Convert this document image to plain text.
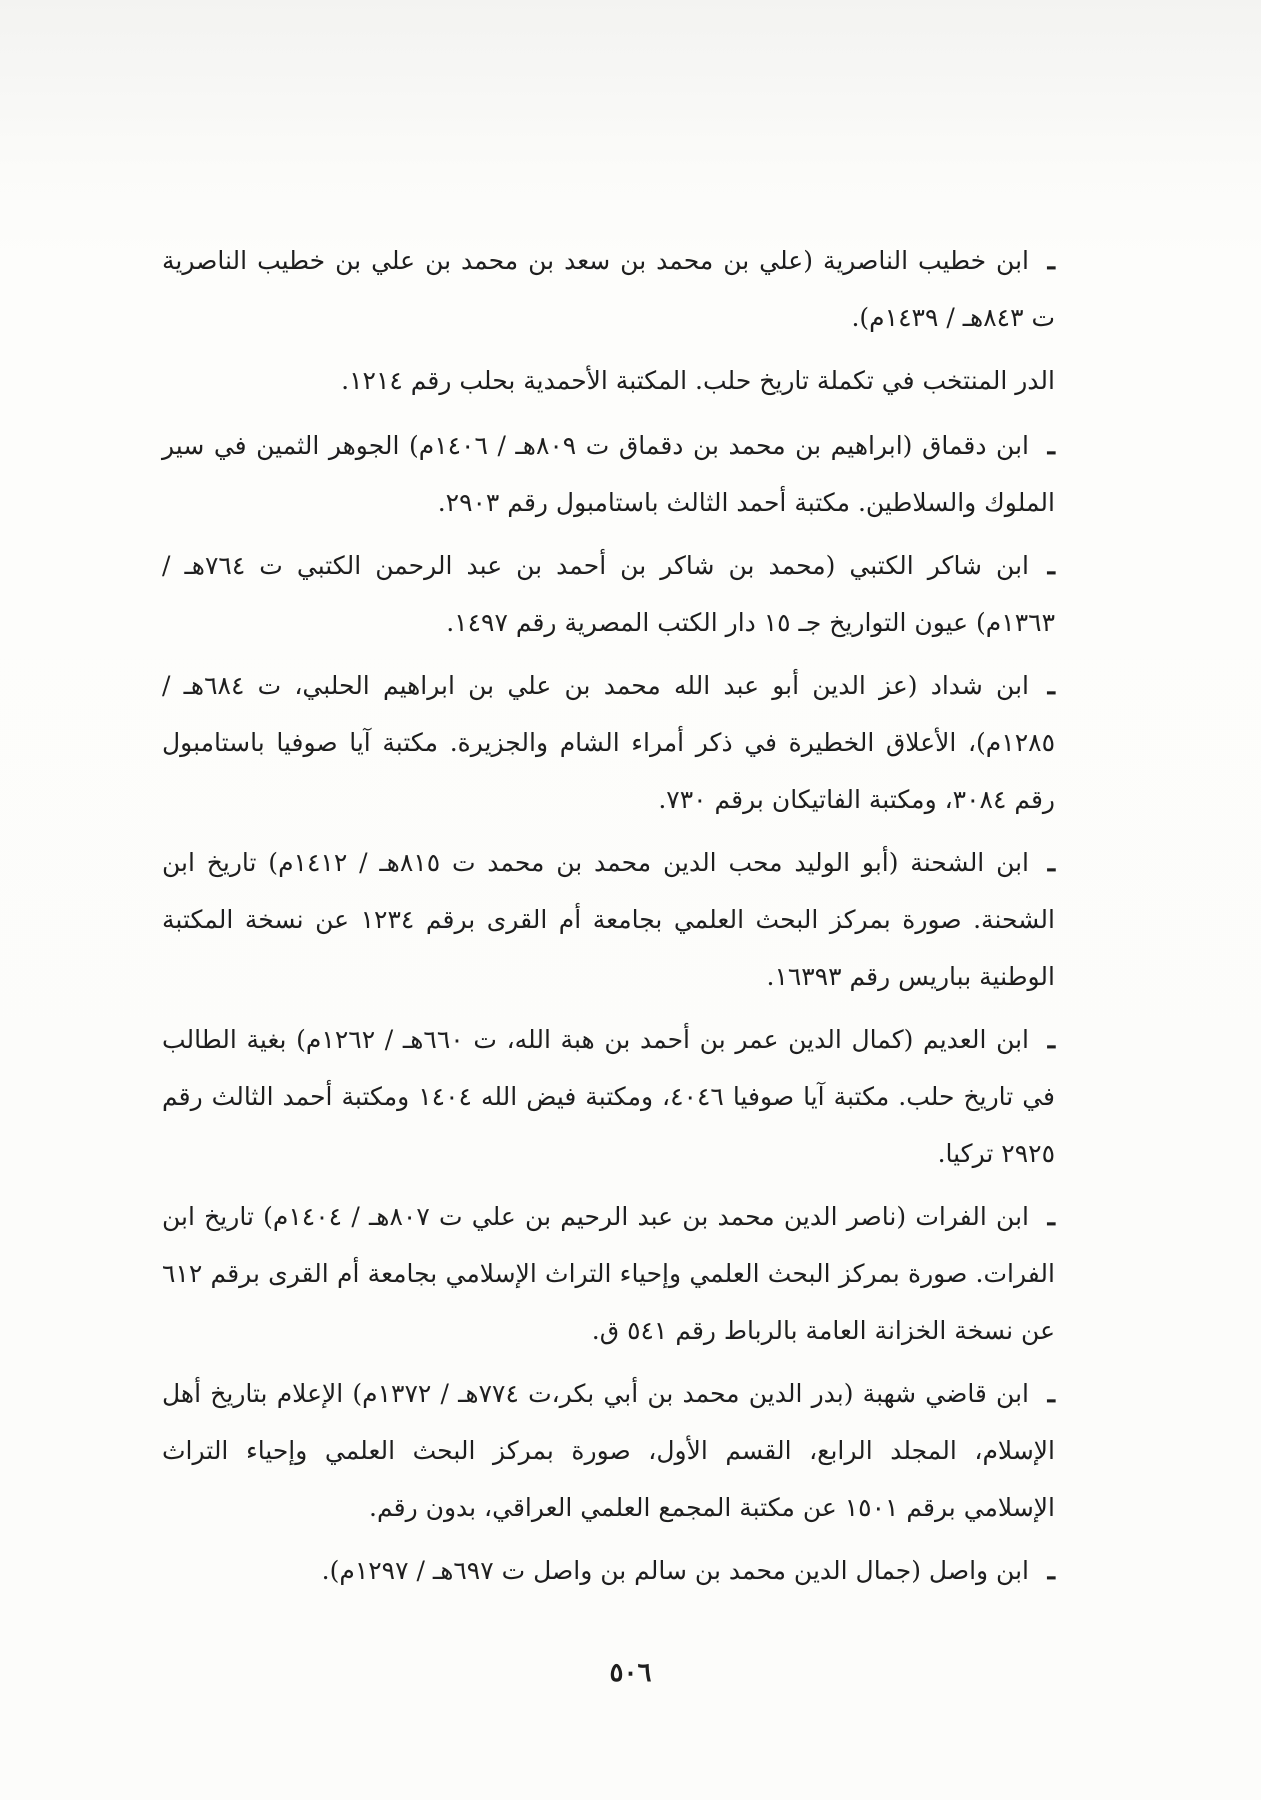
ـ

ابن خطيب الناصرية (علي بن محمد بن سعد بن محمد بن علي بن خطيب الناصرية ت ٨٤٣هـ / ١٤٣٩م).

الدر المنتخب في تكملة تاريخ حلب. المكتبة الأحمدية بحلب رقم ١٢١٤.

ـ

ابن دقماق (ابراهيم بن محمد بن دقماق ت ٨٠٩هـ / ١٤٠٦م) الجوهر الثمين في سير الملوك والسلاطين. مكتبة أحمد الثالث باستامبول رقم ٢٩٠٣.

ـ

ابن شاكر الكتبي (محمد بن شاكر بن أحمد بن عبد الرحمن الكتبي ت ٧٦٤هـ / ١٣٦٣م) عيون التواريخ جـ ١٥ دار الكتب المصرية رقم ١٤٩٧.

ـ

ابن شداد (عز الدين أبو عبد الله محمد بن علي بن ابراهيم الحلبي، ت ٦٨٤هـ / ١٢٨٥م)، الأعلاق الخطيرة في ذكر أمراء الشام والجزيرة. مكتبة آيا صوفيا باستامبول رقم ٣٠٨٤، ومكتبة الفاتيكان برقم ٧٣٠.

ـ

ابن الشحنة (أبو الوليد محب الدين محمد بن محمد ت ٨١٥هـ / ١٤١٢م) تاريخ ابن الشحنة. صورة بمركز البحث العلمي بجامعة أم القرى برقم ١٢٣٤ عن نسخة المكتبة الوطنية بباريس رقم ١٦٣٩٣.

ـ

ابن العديم (كمال الدين عمر بن أحمد بن هبة الله، ت ٦٦٠هـ / ١٢٦٢م) بغية الطالب في تاريخ حلب. مكتبة آيا صوفيا ٤٠٤٦، ومكتبة فيض الله ١٤٠٤ ومكتبة أحمد الثالث رقم ٢٩٢٥ تركيا.

ـ

ابن الفرات (ناصر الدين محمد بن عبد الرحيم بن علي ت ٨٠٧هـ / ١٤٠٤م) تاريخ ابن الفرات. صورة بمركز البحث العلمي وإحياء التراث الإسلامي بجامعة أم القرى برقم ٦١٢ عن نسخة الخزانة العامة بالرباط رقم ٥٤١ ق.

ـ

ابن قاضي شهبة (بدر الدين محمد بن أبي بكر،ت ٧٧٤هـ / ١٣٧٢م) الإعلام بتاريخ أهل الإسلام، المجلد الرابع، القسم الأول، صورة بمركز البحث العلمي وإحياء التراث الإسلامي برقم ١٥٠١ عن مكتبة المجمع العلمي العراقي، بدون رقم.

ـ

ابن واصل (جمال الدين محمد بن سالم بن واصل ت ٦٩٧هـ / ١٢٩٧م).

٥٠٦
